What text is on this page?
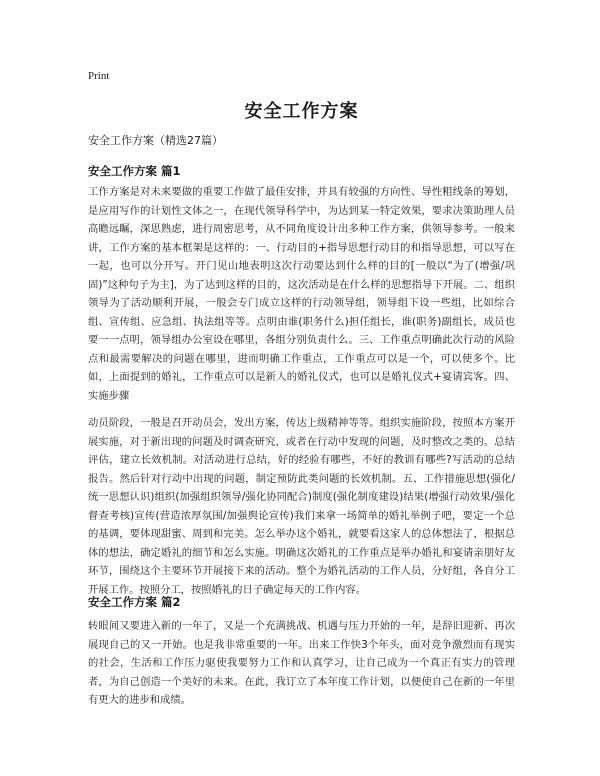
Print
安全工作方案
安全工作方案（精选27篇）
安全工作方案 篇1

工作方案是对未来要做的重要工作做了最佳安排，并具有较强的方向性、导性粗线条的筹划，是应用写作的计划性文体之一，在现代领导科学中，为达到某一特定效果，要求决策助理人员高瞻远瞩，深思熟虑，进行周密思考，从不同角度设计出多种工作方案，供领导参考。一般来讲，工作方案的基本框架是这样的：一、行动目的+指导思想行动目的和指导思想，可以写在一起，也可以分开写。开门见山地表明这次行动要达到什么样的目的[一般以“为了(增强/巩固)”这种句子为主]，为了达到这样的目的，这次活动是在什么样的思想指导下开展。二、组织领导为了活动顺利开展，一般会专门成立这样的行动领导组，领导组下设一些组，比如综合组、宣传组、应急组、执法组等等。点明由谁(职务什么)担任组长，谁(职务)副组长，成员也要一一点明，领导组办公室设在哪里，各组分别负责什么。三、工作重点明确此次行动的风险点和最需要解决的问题在哪里，进而明确工作重点，工作重点可以是一个，可以使多个。比如，上面提到的婚礼，工作重点可以是新人的婚礼仪式，也可以是婚礼仪式+宴请宾客。四、实施步骤

动员阶段，一般是召开动员会，发出方案，传达上级精神等等。组织实施阶段，按照本方案开展实施，对于新出现的问题及时调查研究，或者在行动中发现的问题，及时整改之类的。总结评估，建立长效机制。对活动进行总结，好的经验有哪些，不好的教训有哪些?写活动的总结报告。然后针对行动中出现的问题，制定预防此类问题的长效机制。五、工作措施思想(强化/统一思想认识)组织(加强组织领导/强化协同配合)制度(强化制度建设)结果(增强行动效果/强化督查考核)宣传(营造浓厚氛围/加强舆论宣传)我们来拿一场简单的婚礼举例子吧，要定一个总的基调，要体现甜蜜、周到和完美。怎么举办这个婚礼，就要看这家人的总体想法了，根据总体的想法，确定婚礼的细节和怎么实施。明确这次婚礼的工作重点是举办婚礼和宴请亲朋好友环节，围绕这个主要环节开展接下来的活动。整个为婚礼活动的工作人员，分好组，各自分工开展工作。按照分工，按照婚礼的日子确定每天的工作内容。

安全工作方案 篇2

转眼间又要进入新的一年了，又是一个充满挑战、机遇与压力开始的一年，是辞旧迎新、再次展现自己的又一开始。也是我非常重要的一年。出来工作快3个年头，面对竞争激烈而有现实的社会，生活和工作压力驱使我要努力工作和认真学习，让自己成为一个真正有实力的管理者，为自己创造一个美好的未来。在此，我订立了本年度工作计划，以便使自己在新的一年里有更大的进步和成绩。
